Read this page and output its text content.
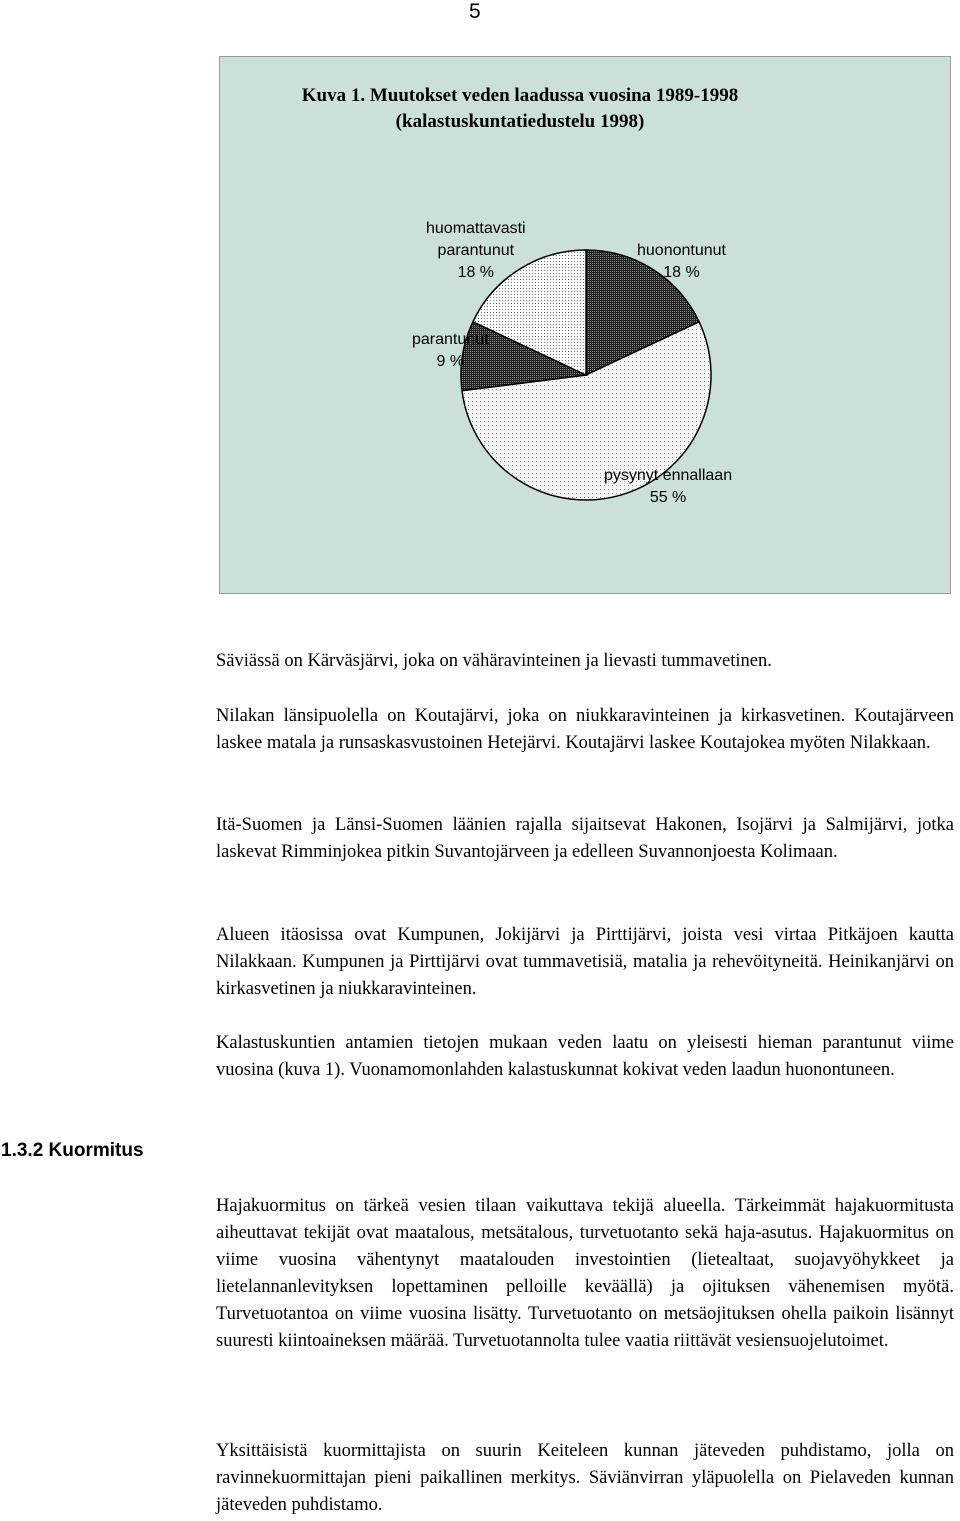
5
Kuva 1. Muutokset veden laadussa vuosina 1989-1998
(kalastuskuntatiedustelu 1998)
huomattavasti
parantunut
18 %
huonontunut
18 %
parantunut
9 %
pysynyt ennallaan
55 %
Säviässä on Kärväsjärvi, joka on vähäravinteinen ja lievasti tummavetinen.
Nilakan länsipuolella on Koutajärvi, joka on niukkaravinteinen ja kirkasvetinen. Koutajärveen laskee matala ja runsaskasvustoinen Hetejärvi. Koutajärvi laskee Koutajokea myöten Nilakkaan.
Itä-Suomen ja Länsi-Suomen läänien rajalla sijaitsevat Hakonen, Isojärvi ja Salmijärvi, jotka laskevat Rimminjokea pitkin Suvantojärveen ja edelleen Suvannonjoesta Kolimaan.
Alueen itäosissa ovat Kumpunen, Jokijärvi ja Pirttijärvi, joista vesi virtaa Pitkäjoen kautta Nilakkaan. Kumpunen ja Pirttijärvi ovat tummavetisiä, matalia ja rehevöityneitä. Heinikanjärvi on kirkasvetinen ja niukkaravinteinen.
Kalastuskuntien antamien tietojen mukaan veden laatu on yleisesti hieman parantunut viime vuosina (kuva 1). Vuonamomonlahden kalastuskunnat kokivat veden laadun huonontuneen.
1.3.2 Kuormitus
Hajakuormitus on tärkeä vesien tilaan vaikuttava tekijä alueella. Tärkeimmät hajakuormitusta aiheuttavat tekijät ovat maatalous, metsätalous, turvetuotanto sekä haja-asutus. Hajakuormitus on viime vuosina vähentynyt maatalouden investointien (lietealtaat, suojavyöhykkeet ja lietelannanlevityksen lopettaminen pelloille keväällä) ja ojituksen vähenemisen myötä. Turvetuotantoa on viime vuosina lisätty. Turvetuotanto on metsäojituksen ohella paikoin lisännyt suuresti kiintoaineksen määrää. Turvetuotannolta tulee vaatia riittävät vesiensuojelutoimet.
Yksittäisistä kuormittajista on suurin Keiteleen kunnan jäteveden puhdistamo, jolla on ravinnekuormittajan pieni paikallinen merkitys. Säviänvirran yläpuolella on Pielaveden kunnan jäteveden puhdistamo.
